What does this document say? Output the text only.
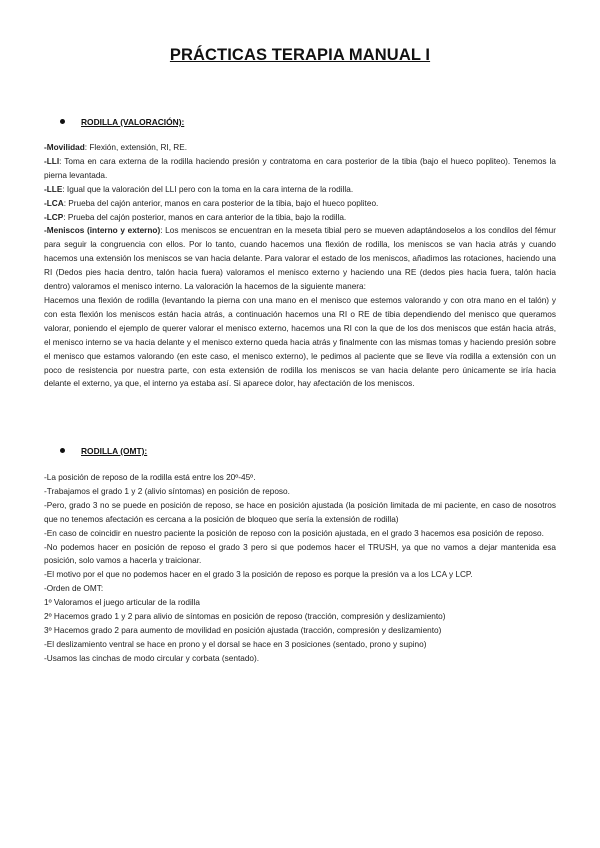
PRÁCTICAS TERAPIA MANUAL I
RODILLA (VALORACIÓN):

-Movilidad: Flexión, extensión, RI, RE.

-LLI: Toma en cara externa de la rodilla haciendo presión y contratoma en cara posterior de la tibia (bajo el hueco popliteo). Tenemos la pierna levantada.

-LLE: Igual que la valoración del LLI pero con la toma en la cara interna de la rodilla.

-LCA: Prueba del cajón anterior, manos en cara posterior de la tibia, bajo el hueco popliteo.

-LCP: Prueba del cajón posterior, manos en cara anterior de la tibia, bajo la rodilla.

-Meniscos (interno y externo): Los meniscos se encuentran en la meseta tibial pero se mueven adaptándoselos a los condilos del fémur para seguir la congruencia con ellos. Por lo tanto, cuando hacemos una flexión de rodilla, los meniscos se van hacia atrás y cuando hacemos una extensión los meniscos se van hacia delante. Para valorar el estado de los meniscos, añadimos las rotaciones, haciendo una RI (Dedos pies hacia dentro, talón hacia fuera) valoramos el menisco externo y haciendo una RE (dedos pies hacia fuera, talón hacia dentro) valoramos el menisco interno. La valoración la hacemos de la siguiente manera:

Hacemos una flexión de rodilla (levantando la pierna con una mano en el menisco que estemos valorando y con otra mano en el talón) y con esta flexión los meniscos están hacia atrás, a continuación hacemos una RI o RE de tibia dependiendo del menisco que queramos valorar, poniendo el ejemplo de querer valorar el menisco externo, hacemos una RI con la que de los dos meniscos que están hacia atrás, el menisco interno se va hacia delante y el menisco externo queda hacia atrás y finalmente con las mismas tomas y haciendo presión sobre el menisco que estamos valorando (en este caso, el menisco externo), le pedimos al paciente que se lleve vía rodilla a extensión con un poco de resistencia por nuestra parte, con esta extensión de rodilla los meniscos se van hacia delante pero únicamente se iría hacia delante el externo, ya que, el interno ya estaba así. Si aparece dolor, hay afectación de los meniscos.

RODILLA (OMT):

-La posición de reposo de la rodilla está entre los 20º-45º.

-Trabajamos el grado 1 y 2 (alivio síntomas) en posición de reposo.

-Pero, grado 3 no se puede en posición de reposo, se hace en posición ajustada (la posición limitada de mi paciente, en caso de nosotros que no tenemos afectación es cercana a la posición de bloqueo que sería la extensión de rodilla)

-En caso de coincidir en nuestro paciente la posición de reposo con la posición ajustada, en el grado 3 hacemos esa posición de reposo.

-No podemos hacer en posición de reposo el grado 3 pero si que podemos hacer el TRUSH, ya que no vamos a dejar mantenida esa posición, solo vamos a hacerla y traicionar.

-El motivo por el que no podemos hacer en el grado 3 la posición de reposo es porque la presión va a los LCA y LCP.

-Orden de OMT:

1º Valoramos el juego articular de la rodilla

2º Hacemos grado 1 y 2 para alivio de síntomas en posición de reposo (tracción, compresión y deslizamiento)

3º Hacemos grado 2 para aumento de movilidad en posición ajustada (tracción, compresión y deslizamiento)

-El deslizamiento ventral se hace en prono y el dorsal se hace en 3 posiciones (sentado, prono y supino)

-Usamos las cinchas de modo circular y corbata (sentado).
